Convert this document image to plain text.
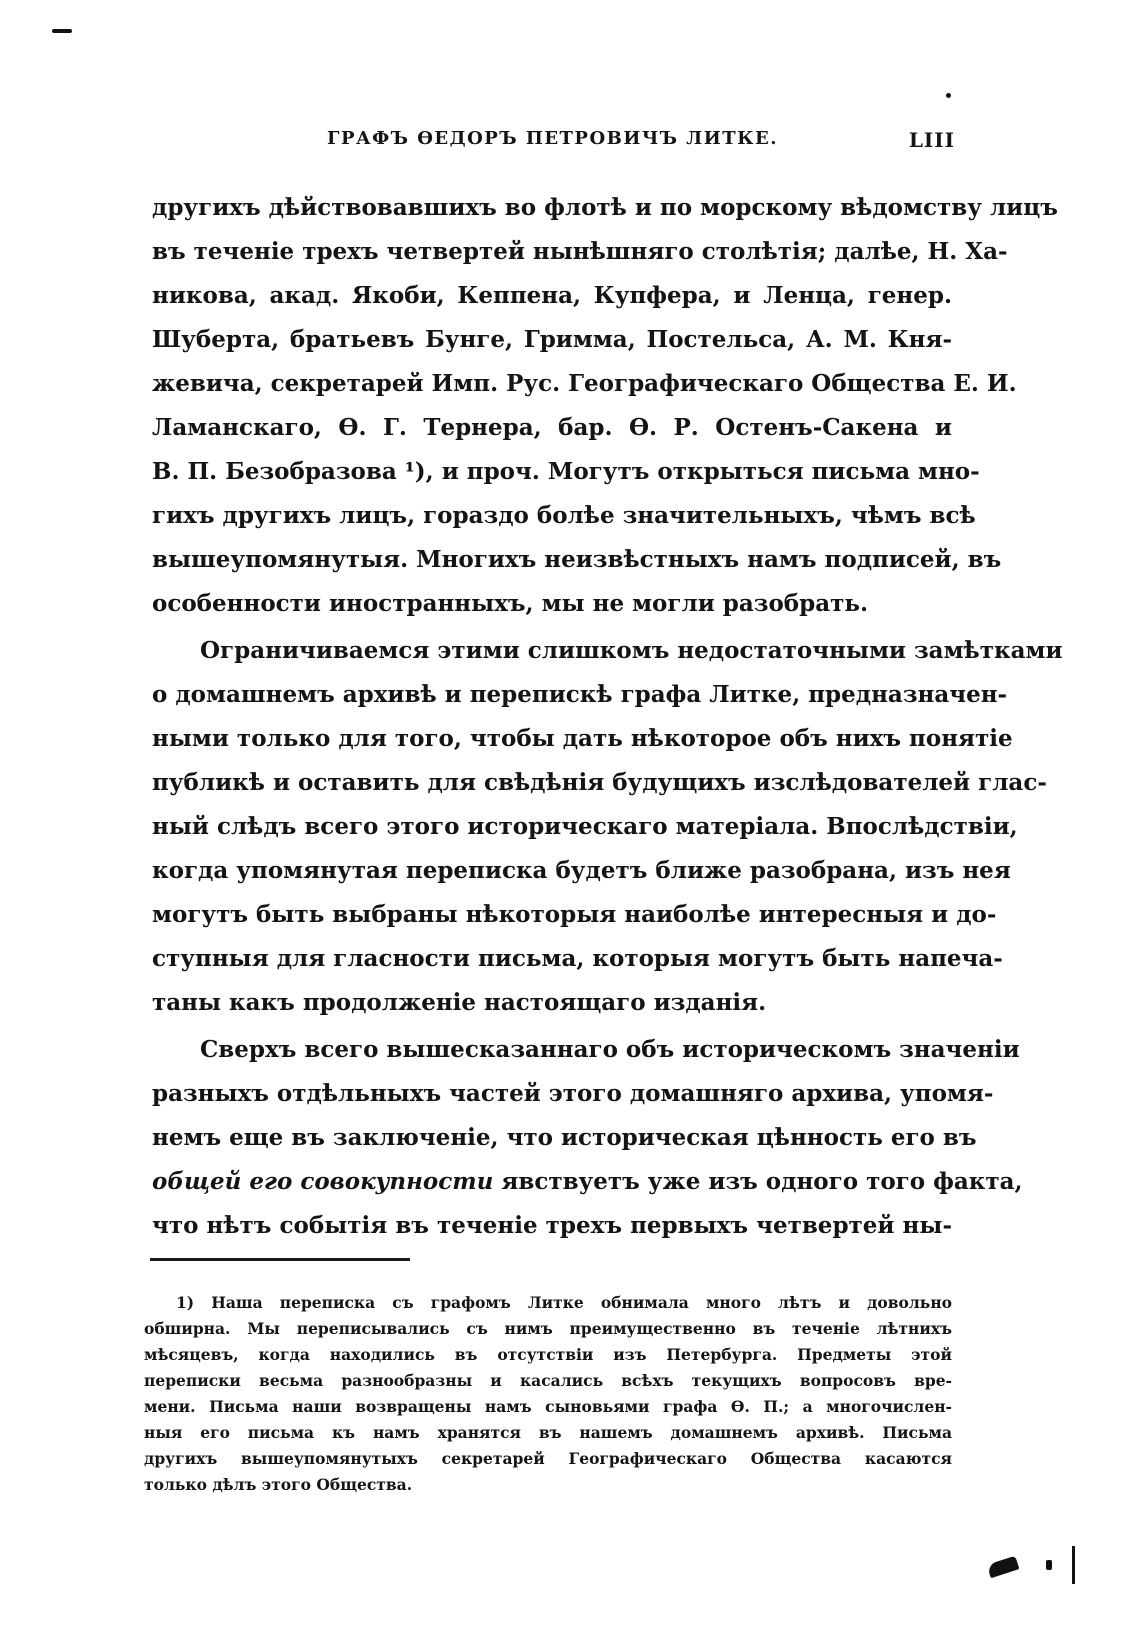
ГРАФЪ ѲЕДОРЪ ПЕТРОВИЧЪ ЛИТКЕ.	LIII
другихъ дѣйствовавшихъ во флотѣ и по морскому вѣдомству лицъ
въ теченіе трехъ четвертей нынѣшняго столѣтія; далѣе, Н. Ха-
никова, акад. Якоби, Кеппена, Купфера, и Ленца, генер.
Шуберта, братьевъ Бунге, Гримма, Постельса, А. М. Кня-
жевича, секретарей Имп. Рус. Географическаго Общества Е. И.
Ламанскаго, Ѳ. Г. Тернера, бар. Ѳ. Р. Остенъ-Сакена и
В. П. Безобразова ¹), и проч. Могутъ открыться письма мно-
гихъ другихъ лицъ, гораздо болѣе значительныхъ, чѣмъ всѣ
вышеупомянутыя. Многихъ неизвѣстныхъ намъ подписей, въ
особенности иностранныхъ, мы не могли разобрать.
Ограничиваемся этими слишкомъ недостаточными замѣтками
о домашнемъ архивѣ и перепискѣ графа Литке, предназначен-
ными только для того, чтобы дать нѣкоторое объ нихъ понятіе
публикѣ и оставить для свѣдѣнія будущихъ изслѣдователей глас-
ный слѣдъ всего этого историческаго матеріала. Впослѣдствіи,
когда упомянутая переписка будетъ ближе разобрана, изъ нея
могутъ быть выбраны нѣкоторыя наиболѣе интересныя и до-
ступныя для гласности письма, которыя могутъ быть напеча-
таны какъ продолженіе настоящаго изданія.
Сверхъ всего вышесказаннаго объ историческомъ значеніи
разныхъ отдѣльныхъ частей этого домашняго архива, упомя-
немъ еще въ заключеніе, что историческая цѣнность его въ
общей его совокупности явствуетъ уже изъ одного того факта,
что нѣтъ событія въ теченіе трехъ первыхъ четвертей ны-
1) Наша переписка съ графомъ Литке обнимала много лѣтъ и довольно
обширна. Мы переписывались съ нимъ преимущественно въ теченіе лѣтнихъ
мѣсяцевъ, когда находились въ отсутствіи изъ Петербурга. Предметы этой
переписки весьма разнообразны и касались всѣхъ текущихъ вопросовъ вре-
мени. Письма наши возвращены намъ сыновьями графа Ѳ. П.; а многочислен-
ныя его письма къ намъ хранятся въ нашемъ домашнемъ архивѣ. Письма
другихъ вышеупомянутыхъ секретарей Географическаго Общества касаются
только дѣлъ этого Общества.
